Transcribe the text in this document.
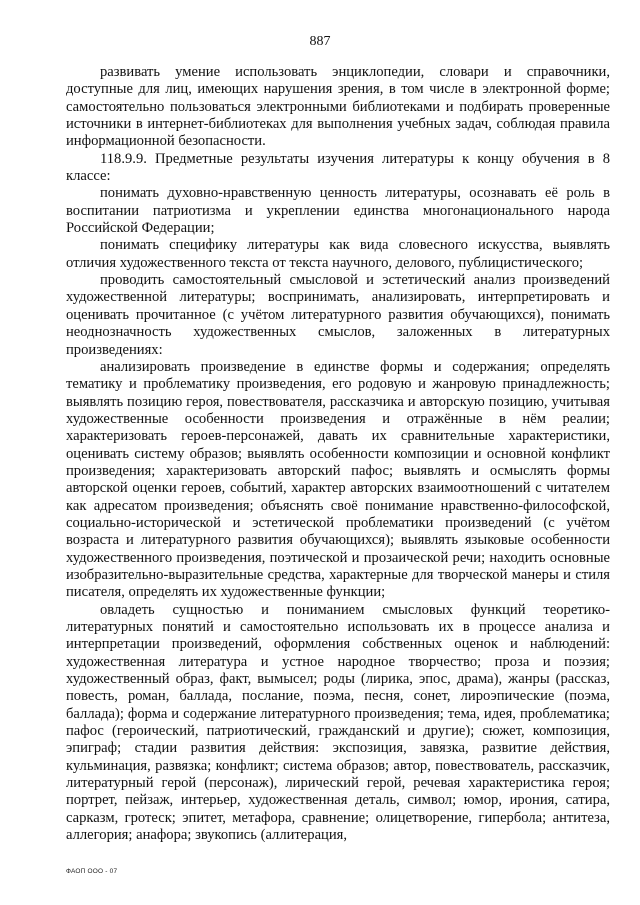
887

развивать умение использовать энциклопедии, словари и справочники, доступные для лиц, имеющих нарушения зрения, в том числе в электронной форме; самостоятельно пользоваться электронными библиотеками и подбирать проверенные источники в интернет-библиотеках для выполнения учебных задач, соблюдая правила информационной безопасности.

118.9.9. Предметные результаты изучения литературы к концу обучения в 8 классе:

понимать духовно-нравственную ценность литературы, осознавать её роль в воспитании патриотизма и укреплении единства многонационального народа Российской Федерации;

понимать специфику литературы как вида словесного искусства, выявлять отличия художественного текста от текста научного, делового, публицистического;

проводить самостоятельный смысловой и эстетический анализ произведений художественной литературы; воспринимать, анализировать, интерпретировать и оценивать прочитанное (с учётом литературного развития обучающихся), понимать неоднозначность художественных смыслов, заложенных в литературных произведениях:

анализировать произведение в единстве формы и содержания; определять тематику и проблематику произведения, его родовую и жанровую принадлежность; выявлять позицию героя, повествователя, рассказчика и авторскую позицию, учитывая художественные особенности произведения и отражённые в нём реалии; характеризовать героев-персонажей, давать их сравнительные характеристики, оценивать систему образов; выявлять особенности композиции и основной конфликт произведения; характеризовать авторский пафос; выявлять и осмыслять формы авторской оценки героев, событий, характер авторских взаимоотношений с читателем как адресатом произведения; объяснять своё понимание нравственно-философской, социально-исторической и эстетической проблематики произведений (с учётом возраста и литературного развития обучающихся); выявлять языковые особенности художественного произведения, поэтической и прозаической речи; находить основные изобразительно-выразительные средства, характерные для творческой манеры и стиля писателя, определять их художественные функции;

овладеть сущностью и пониманием смысловых функций теоретико-литературных понятий и самостоятельно использовать их в процессе анализа и интерпретации произведений, оформления собственных оценок и наблюдений: художественная литература и устное народное творчество; проза и поэзия; художественный образ, факт, вымысел; роды (лирика, эпос, драма), жанры (рассказ, повесть, роман, баллада, послание, поэма, песня, сонет, лироэпические (поэма, баллада); форма и содержание литературного произведения; тема, идея, проблематика; пафос (героический, патриотический, гражданский и другие); сюжет, композиция, эпиграф; стадии развития действия: экспозиция, завязка, развитие действия, кульминация, развязка; конфликт; система образов; автор, повествователь, рассказчик, литературный герой (персонаж), лирический герой, речевая характеристика героя; портрет, пейзаж, интерьер, художественная деталь, символ; юмор, ирония, сатира, сарказм, гротеск; эпитет, метафора, сравнение; олицетворение, гипербола; антитеза, аллегория; анафора; звукопись (аллитерация,

ФАОП ООО - 07
